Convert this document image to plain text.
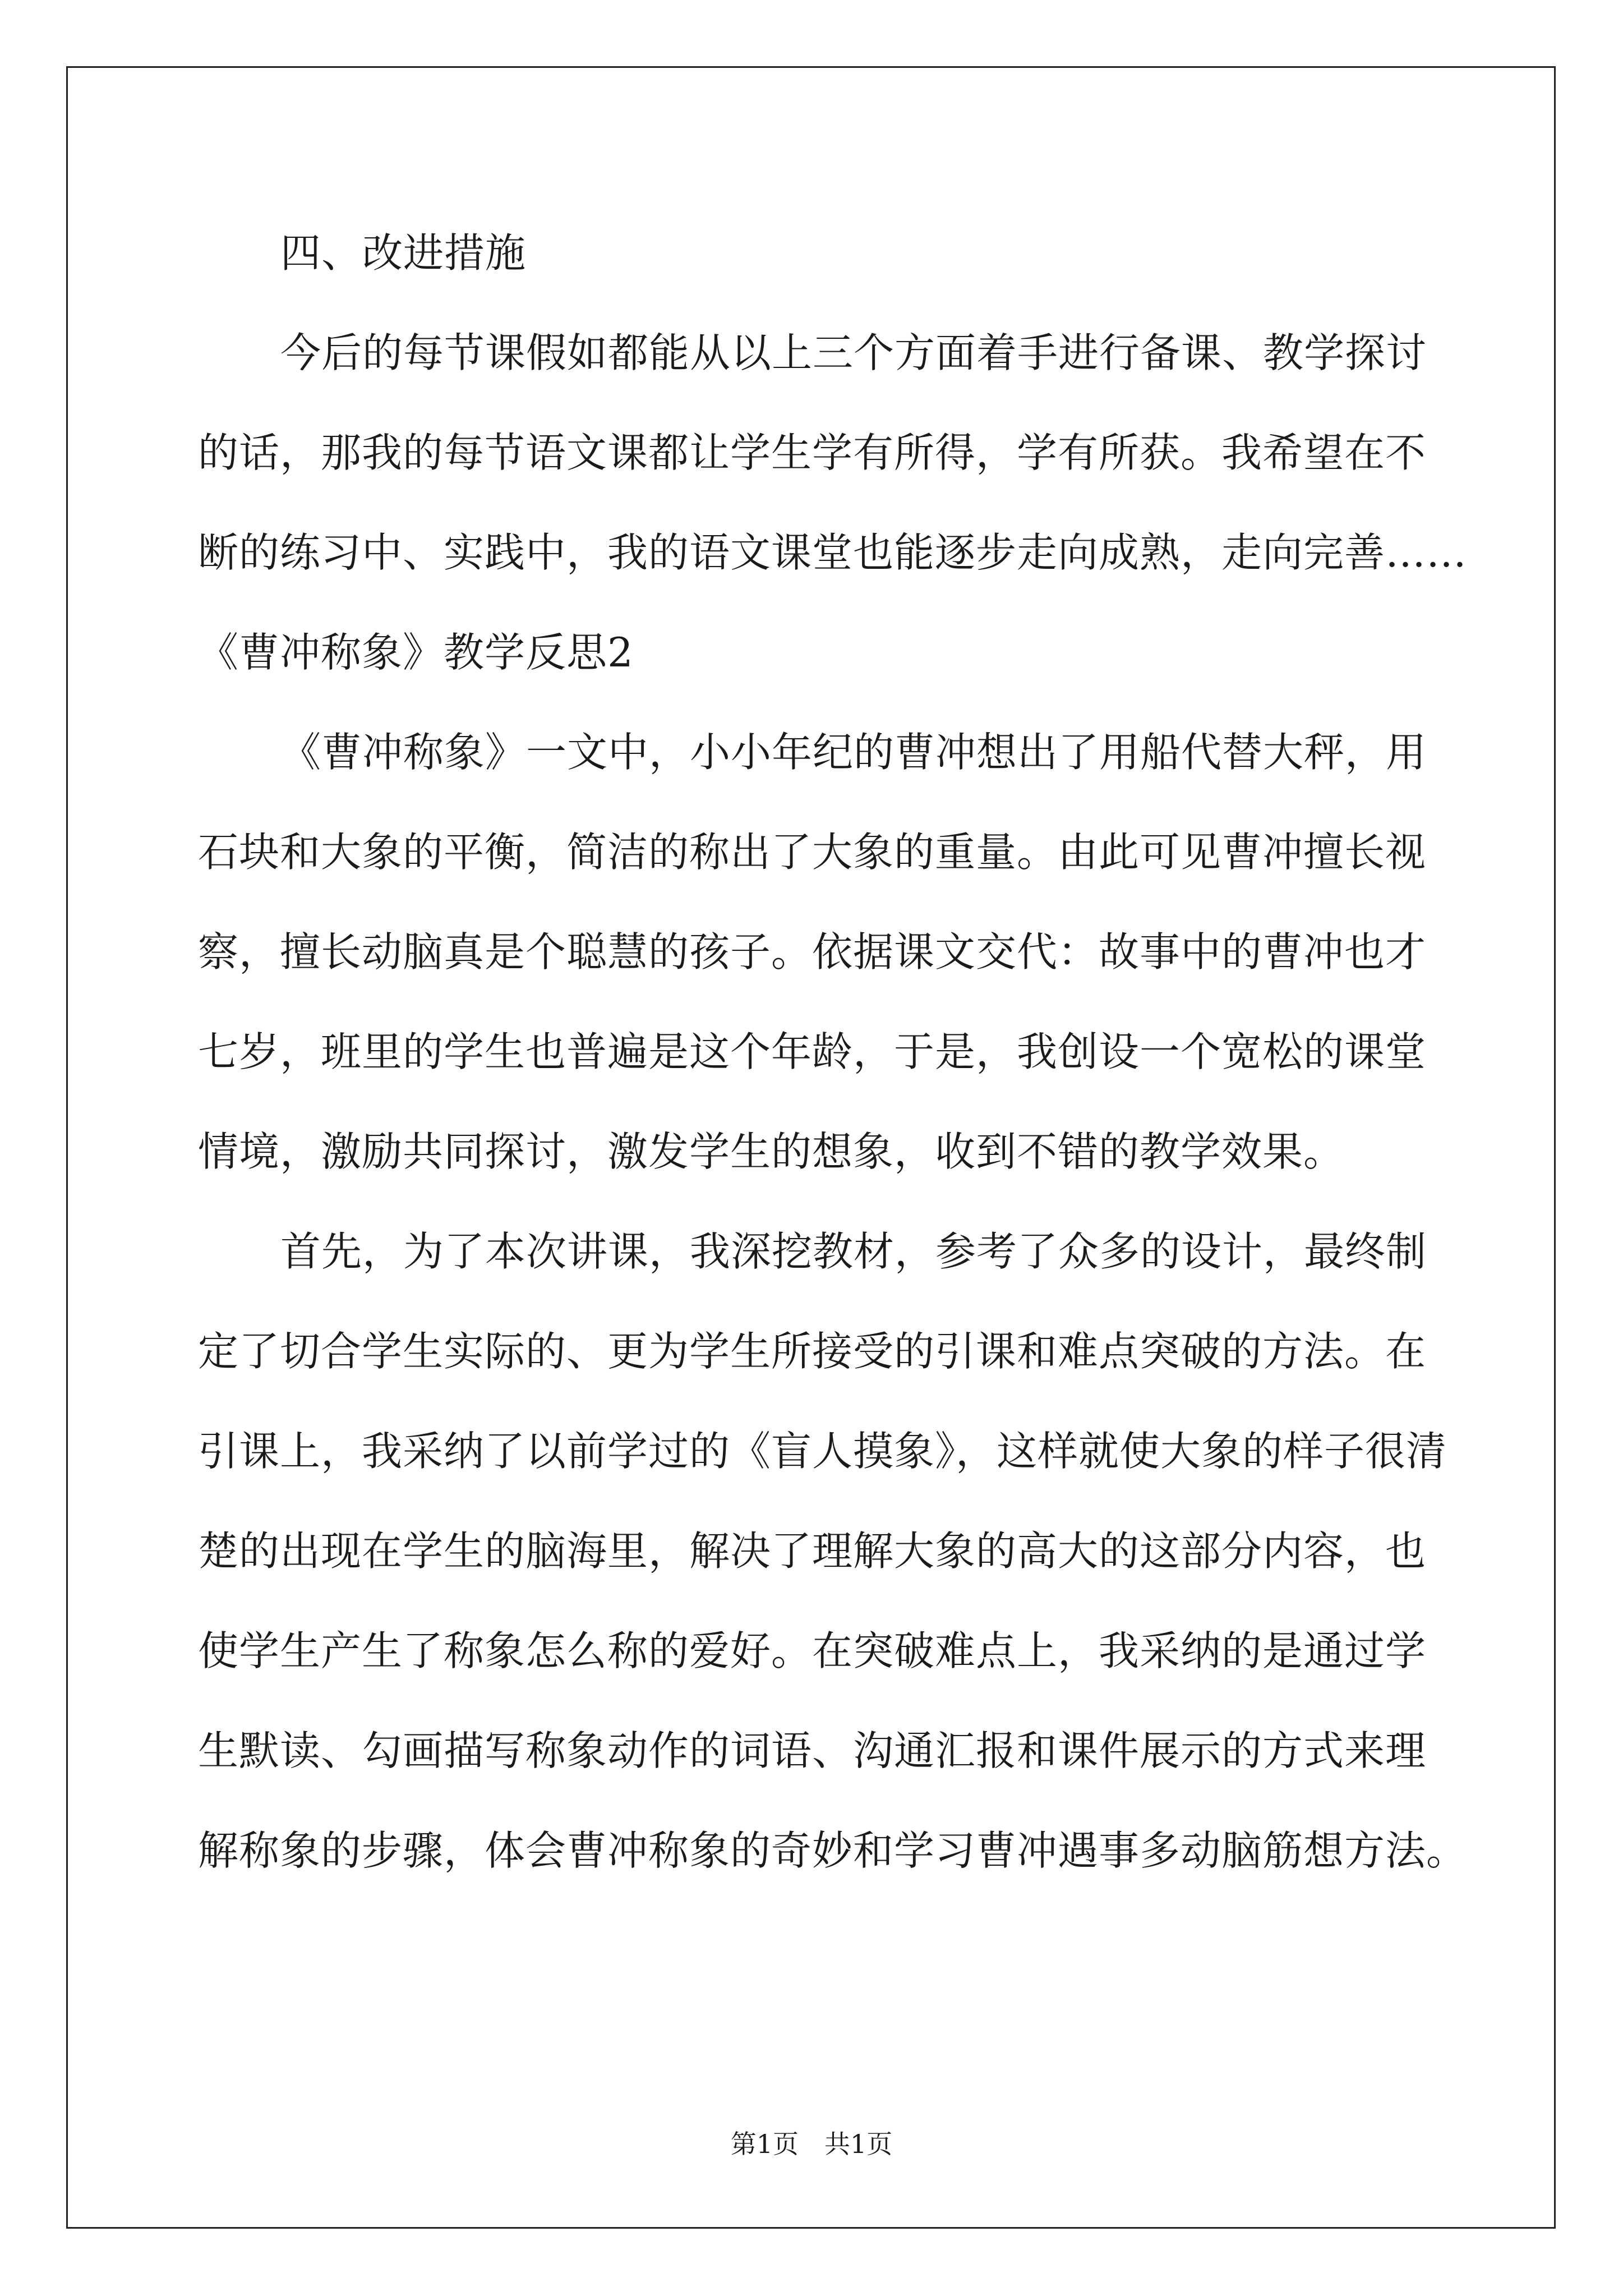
四、改进措施
今后的每节课假如都能从以上三个方面着手进行备课、教学探讨
的话，那我的每节语文课都让学生学有所得，学有所获。我希望在不
断的练习中、实践中，我的语文课堂也能逐步走向成熟，走向完善……
《曹冲称象》教学反思2
《曹冲称象》一文中，小小年纪的曹冲想出了用船代替大秤，用
石块和大象的平衡，简洁的称出了大象的重量。由此可见曹冲擅长视
察，擅长动脑真是个聪慧的孩子。依据课文交代：故事中的曹冲也才
七岁，班里的学生也普遍是这个年龄，于是，我创设一个宽松的课堂
情境，激励共同探讨，激发学生的想象，收到不错的教学效果。
首先，为了本次讲课，我深挖教材，参考了众多的设计，最终制
定了切合学生实际的、更为学生所接受的引课和难点突破的方法。在
引课上，我采纳了以前学过的《盲人摸象》，这样就使大象的样子很清
楚的出现在学生的脑海里，解决了理解大象的高大的这部分内容，也
使学生产生了称象怎么称的爱好。在突破难点上，我采纳的是通过学
生默读、勾画描写称象动作的词语、沟通汇报和课件展示的方式来理
解称象的步骤，体会曹冲称象的奇妙和学习曹冲遇事多动脑筋想方法。
第1页　共1页
